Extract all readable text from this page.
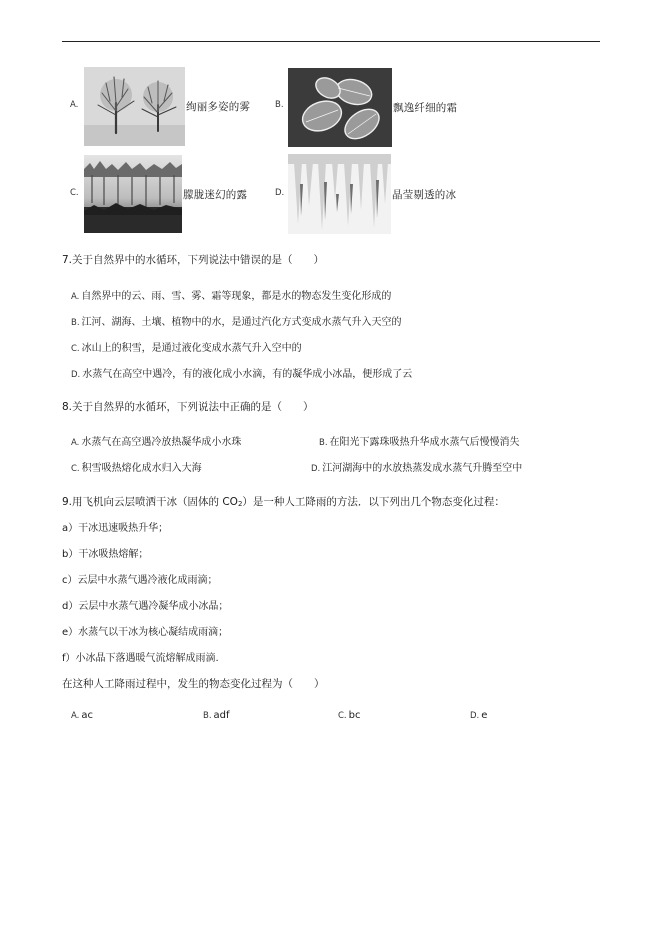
A.	绚丽多姿的雾	B.	飘逸纤细的霜
C.	朦胧迷幻的露	D.	晶莹剔透的冰
7.关于自然界中的水循环，下列说法中错误的是（　　）
A. 自然界中的云、雨、雪、雾、霜等现象，都是水的物态发生变化形成的
B. 江河、湖海、土壤、植物中的水，是通过汽化方式变成水蒸气升入天空的
C. 冰山上的积雪，是通过液化变成水蒸气升入空中的
D. 水蒸气在高空中遇冷，有的液化成小水滴，有的凝华成小冰晶，便形成了云
8.关于自然界的水循环，下列说法中正确的是（　　）
A. 水蒸气在高空遇冷放热凝华成小水珠	B. 在阳光下露珠吸热升华成水蒸气后慢慢消失
C. 积雪吸热熔化成水归入大海	D. 江河湖海中的水放热蒸发成水蒸气升腾至空中
9.用飞机向云层喷洒干冰（固体的 CO2）是一种人工降雨的方法．以下列出几个物态变化过程：
a）干冰迅速吸热升华；
b）干冰吸热熔解；
c）云层中水蒸气遇冷液化成雨滴；
d）云层中水蒸气遇冷凝华成小冰晶；
e）水蒸气以干冰为核心凝结成雨滴；
f）小冰晶下落遇暖气流熔解成雨滴.
在这种人工降雨过程中，发生的物态变化过程为（　　）
A. ac	B. adf	C. bc	D. e
